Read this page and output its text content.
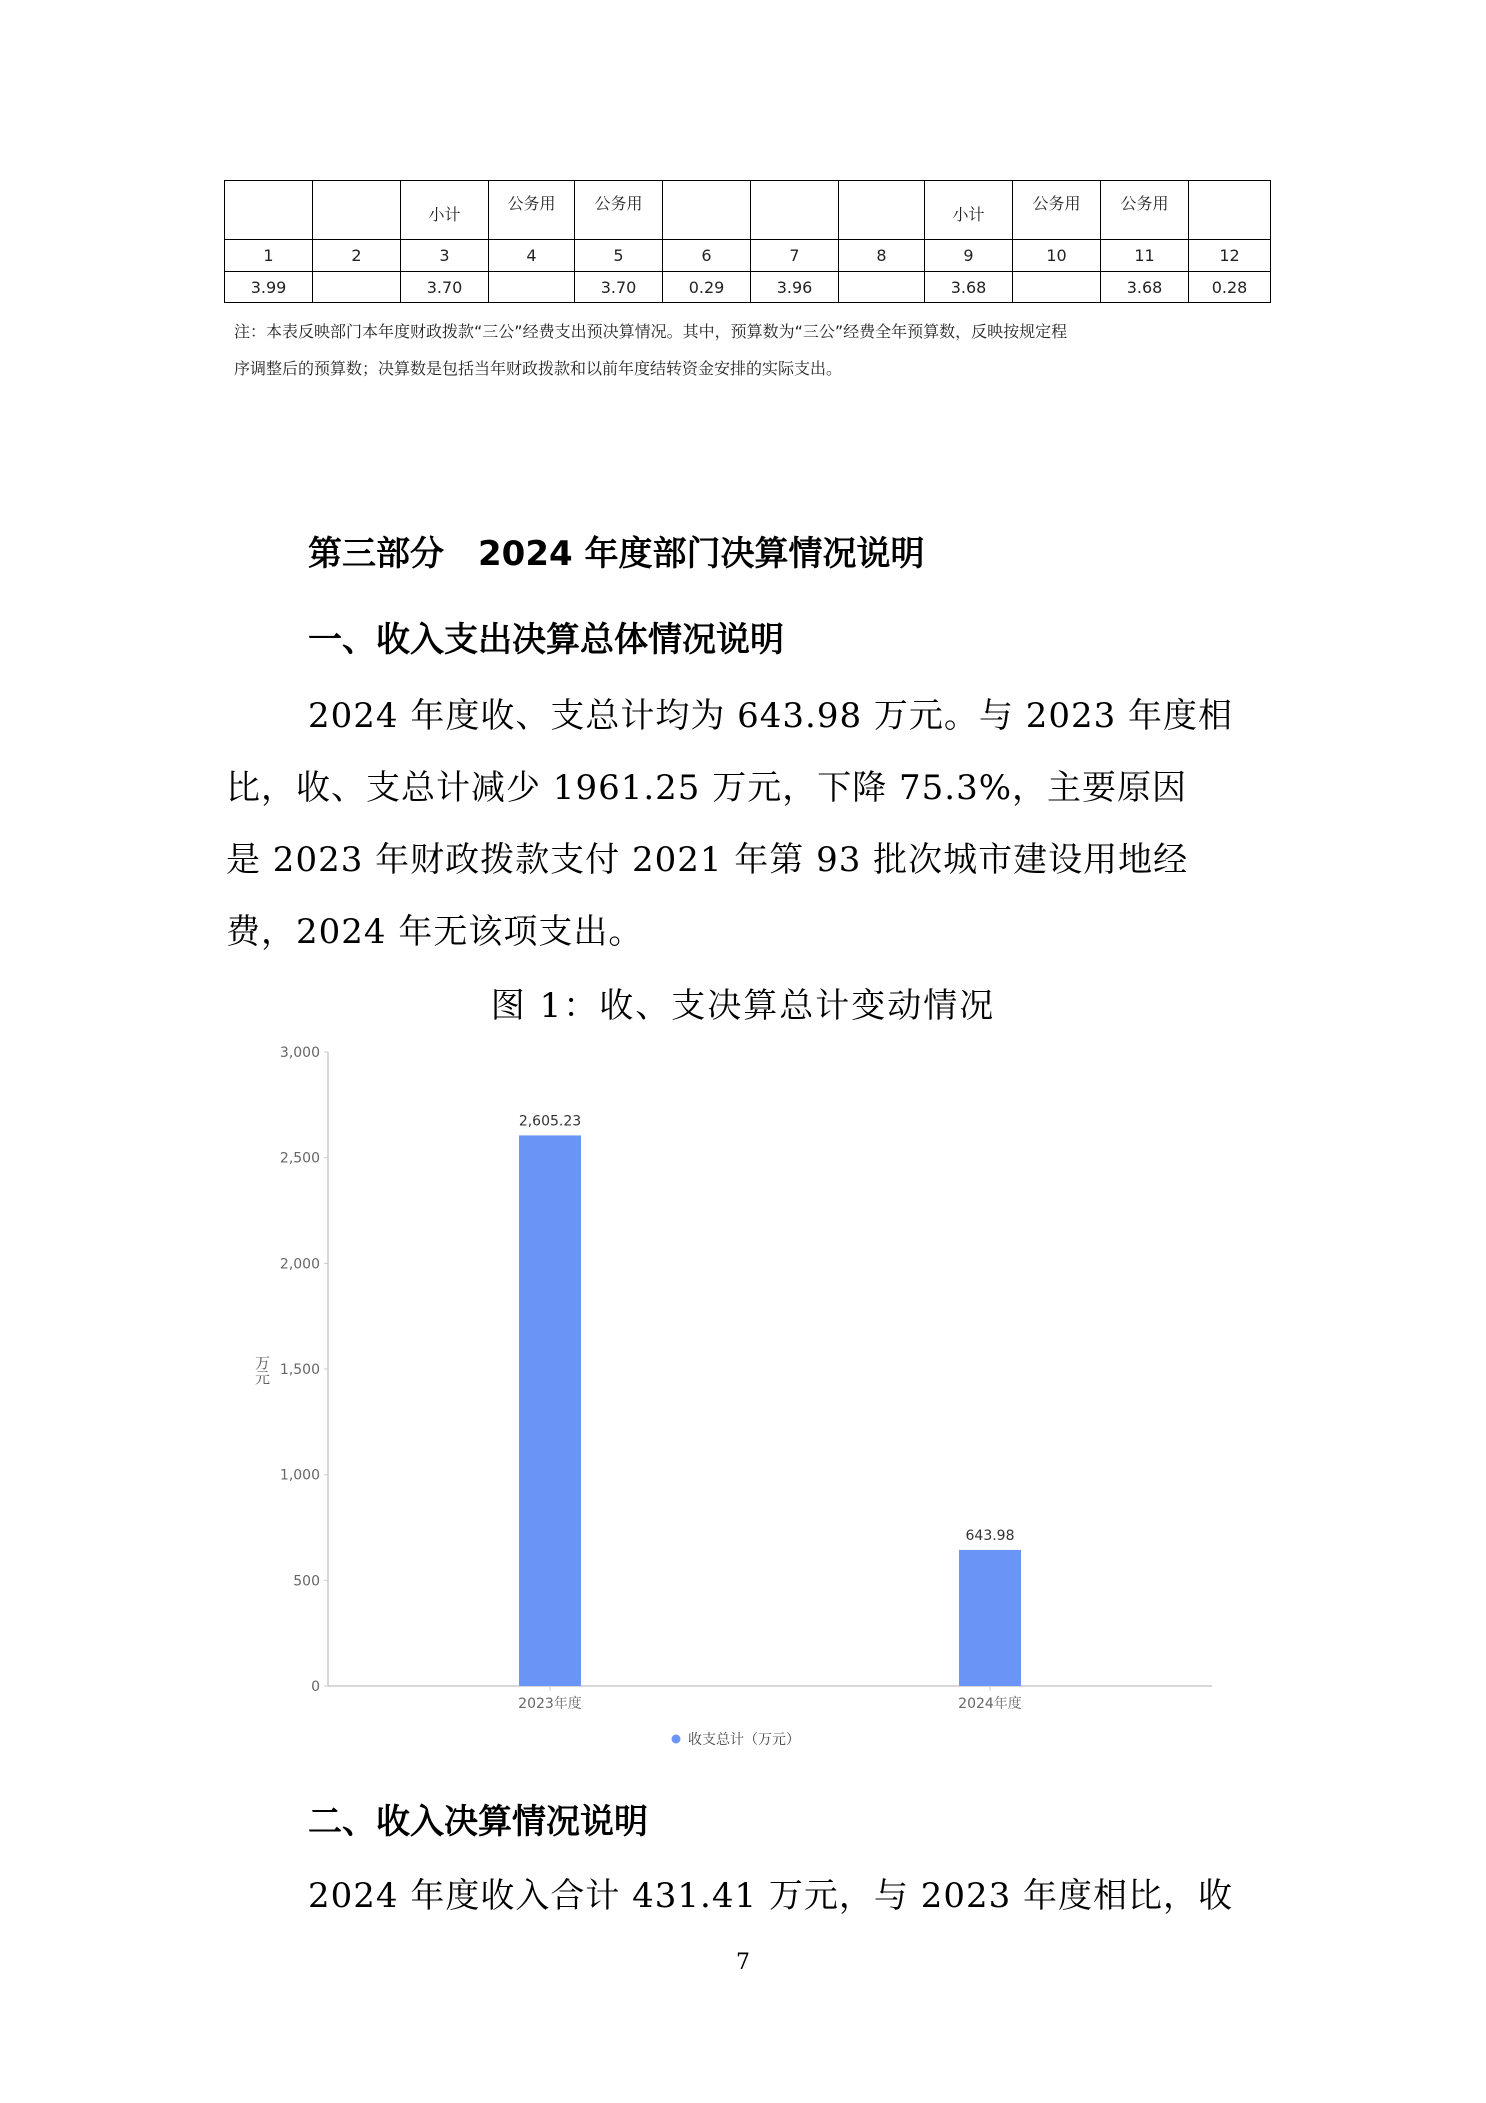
		小计	公务用	公务用				小计	公务用	公务用	
1	2	3	4	5	6	7	8	9	10	11	12
3.99		3.70		3.70	0.29	3.96		3.68		3.68	0.28
注：本表反映部门本年度财政拨款“三公”经费支出预决算情况。其中，预算数为“三公”经费全年预算数，反映按规定程
序调整后的预算数；决算数是包括当年财政拨款和以前年度结转资金安排的实际支出。
第三部分　2024 年度部门决算情况说明
一、收入支出决算总体情况说明
2024 年度收、支总计均为 643.98 万元。与 2023 年度相
比，收、支总计减少 1961.25 万元，下降 75.3%，主要原因
是 2023 年财政拨款支付 2021 年第 93 批次城市建设用地经
费，2024 年无该项支出。
图 1：收、支决算总计变动情况
0
500
1,000
1,500
2,000
2,500
3,000
万元
2,605.23
2023年度
643.98
2024年度
收支总计（万元）
二、收入决算情况说明
2024 年度收入合计 431.41 万元，与 2023 年度相比，收
7
